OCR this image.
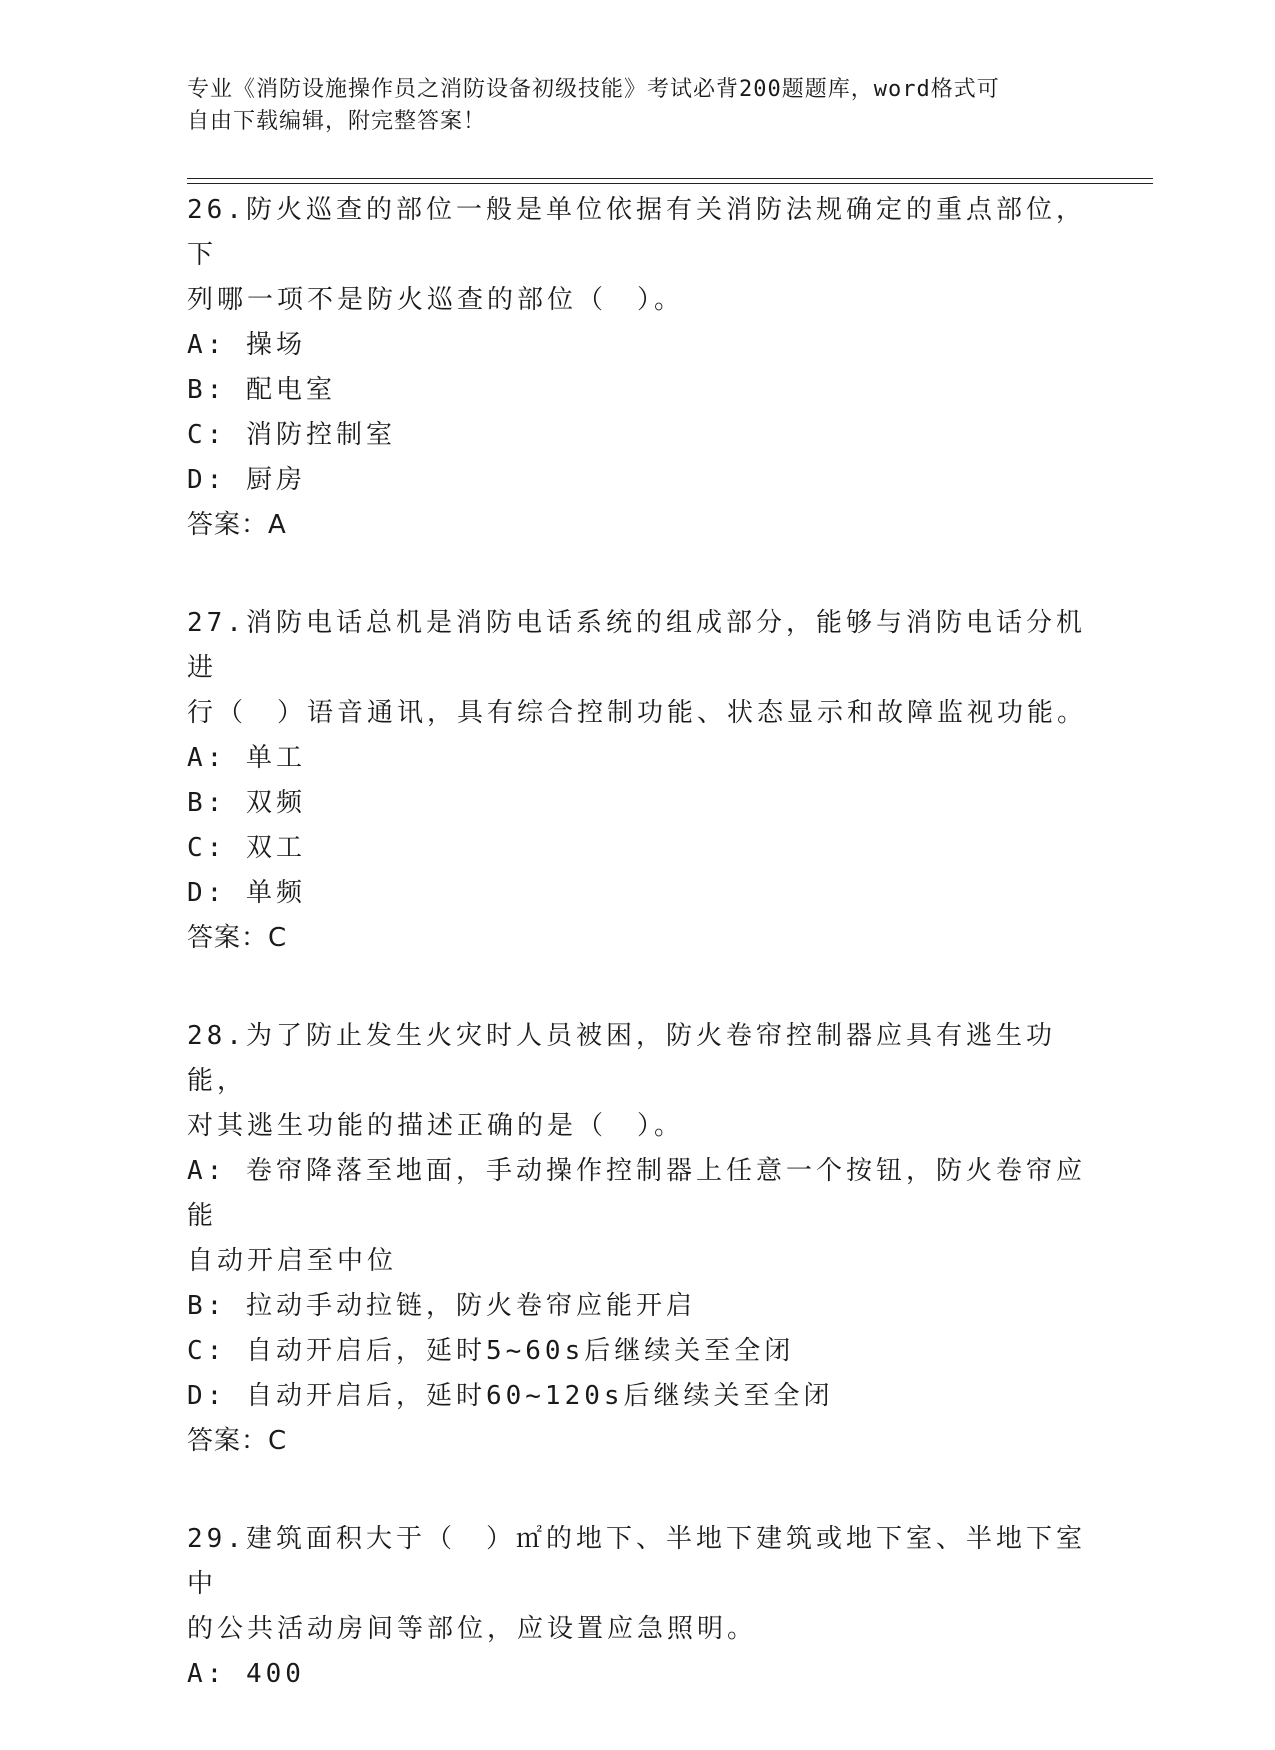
专业《消防设施操作员之消防设备初级技能》考试必背200题题库，word格式可
自由下载编辑，附完整答案！

26.防火巡查的部位一般是单位依据有关消防法规确定的重点部位，下

列哪一项不是防火巡查的部位（　）。

A: 操场

B: 配电室

C: 消防控制室

D: 厨房

答案：A

27.消防电话总机是消防电话系统的组成部分，能够与消防电话分机进

行（　）语音通讯，具有综合控制功能、状态显示和故障监视功能。

A: 单工

B: 双频

C: 双工

D: 单频

答案：C

28.为了防止发生火灾时人员被困，防火卷帘控制器应具有逃生功能，

对其逃生功能的描述正确的是（　）。

A: 卷帘降落至地面，手动操作控制器上任意一个按钮，防火卷帘应能

自动开启至中位

B: 拉动手动拉链，防火卷帘应能开启

C: 自动开启后，延时5~60s后继续关至全闭

D: 自动开启后，延时60~120s后继续关至全闭

答案：C

29.建筑面积大于（　）㎡的地下、半地下建筑或地下室、半地下室中

的公共活动房间等部位，应设置应急照明。

A: 400
